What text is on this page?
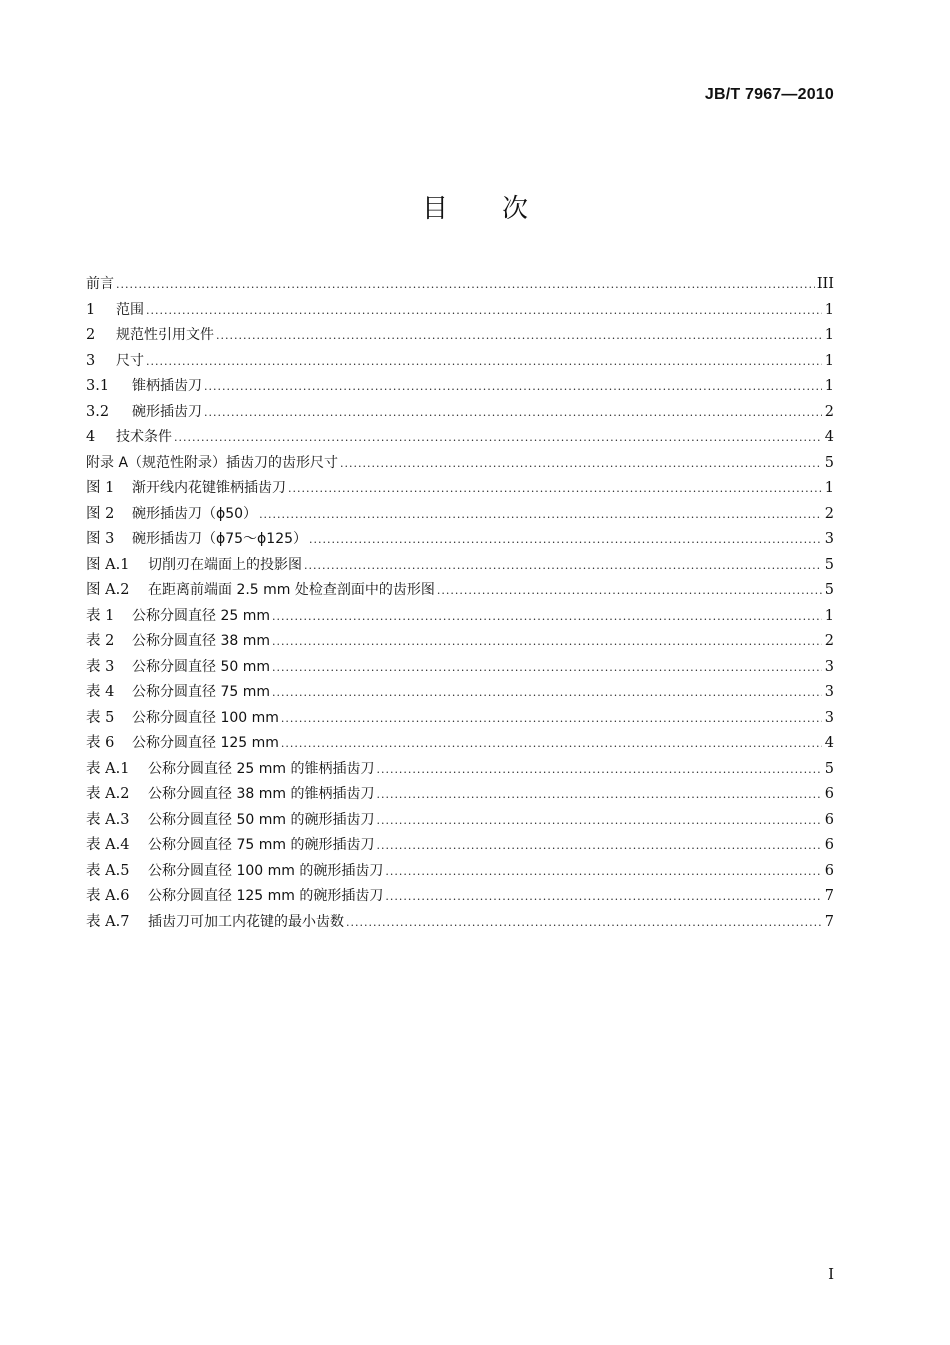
JB/T 7967—2010
目 次
前言 .....	III
1	范围 .....	1
2	规范性引用文件 .....	1
3	尺寸 .....	1
3.1	锥柄插齿刀 .....	1
3.2	碗形插齿刀 .....	2
4	技术条件 .....	4
附录 A（规范性附录）插齿刀的齿形尺寸 .....	5
图 1	渐开线内花键锥柄插齿刀 .....	1
图 2	碗形插齿刀（ϕ50） .....	2
图 3	碗形插齿刀（ϕ75～ϕ125） .....	3
图 A.1	切削刃在端面上的投影图 .....	5
图 A.2	在距离前端面 2.5 mm 处检查剖面中的齿形图 .....	5
表 1	公称分圆直径 25 mm .....	1
表 2	公称分圆直径 38 mm .....	2
表 3	公称分圆直径 50 mm .....	3
表 4	公称分圆直径 75 mm .....	3
表 5	公称分圆直径 100 mm .....	3
表 6	公称分圆直径 125 mm .....	4
表 A.1	公称分圆直径 25 mm 的锥柄插齿刀 .....	5
表 A.2	公称分圆直径 38 mm 的锥柄插齿刀 .....	6
表 A.3	公称分圆直径 50 mm 的碗形插齿刀 .....	6
表 A.4	公称分圆直径 75 mm 的碗形插齿刀 .....	6
表 A.5	公称分圆直径 100 mm 的碗形插齿刀 .....	6
表 A.6	公称分圆直径 125 mm 的碗形插齿刀 .....	7
表 A.7	插齿刀可加工内花键的最小齿数 .....	7
I
